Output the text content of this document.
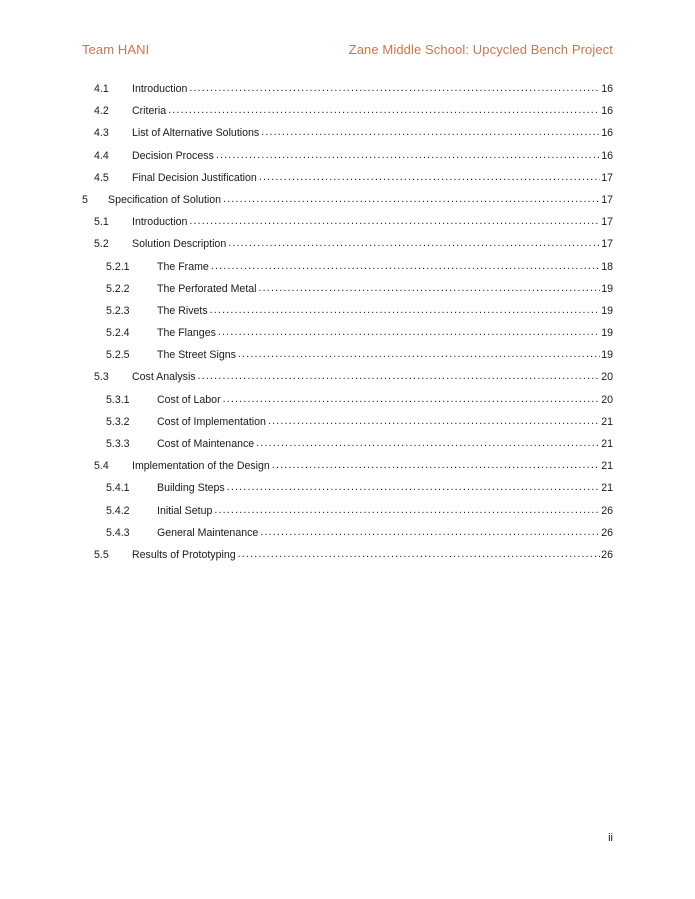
Team HANI	Zane Middle School: Upcycled Bench Project
4.1	Introduction .....	16
4.2	Criteria .....	16
4.3	List of Alternative Solutions .....	16
4.4	Decision Process .....	16
4.5	Final Decision Justification .....	17
5	Specification of Solution .....	17
5.1	Introduction .....	17
5.2	Solution Description .....	17
5.2.1	The Frame .....	18
5.2.2	The Perforated Metal .....	19
5.2.3	The Rivets .....	19
5.2.4	The Flanges .....	19
5.2.5	The Street Signs .....	19
5.3	Cost Analysis .....	20
5.3.1	Cost of Labor .....	20
5.3.2	Cost of Implementation .....	21
5.3.3	Cost of Maintenance .....	21
5.4	Implementation of the Design .....	21
5.4.1	Building Steps .....	21
5.4.2	Initial Setup .....	26
5.4.3	General Maintenance .....	26
5.5	Results of Prototyping .....	26
ii
